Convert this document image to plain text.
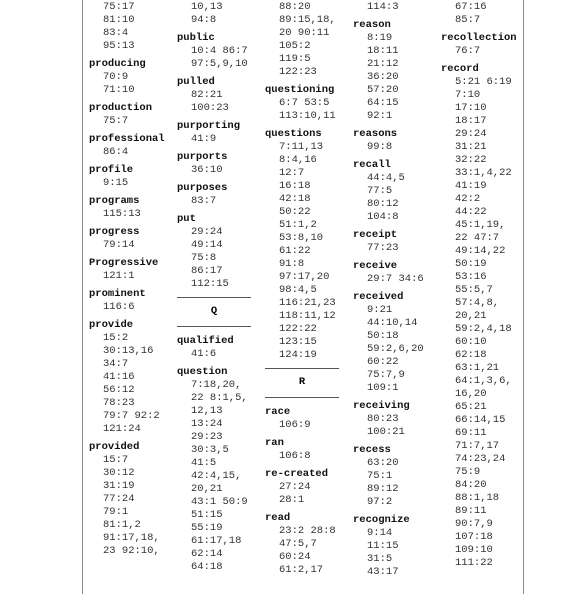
75:17
81:10
83:4
95:13
producing
70:9
71:10
production
75:7
professional
86:4
profile
9:15
programs
115:13
progress
79:14
Progressive
121:1
prominent
116:6
provide
15:2
30:13,16
34:7
41:16
56:12
78:23
79:7 92:2
121:24
provided
15:7
30:12
31:19
77:24
79:1
81:1,2
91:17,18,
23 92:10,

10,13
94:8
public
10:4 86:7
97:5,9,10
pulled
82:21
100:23
purporting
41:9
purports
36:10
purposes
83:7
put
29:24
49:14
75:8
86:17
112:15
Q
qualified
41:6
question
7:18,20,
22 8:1,5,
12,13
13:24
29:23
30:3,5
41:5
42:4,15,
20,21
43:1 50:9
51:15
55:19
61:17,18
62:14
64:18

88:20
89:15,18,
20 90:11
105:2
119:5
122:23
questioning
6:7 53:5
113:10,11
questions
7:11,13
8:4,16
12:7
16:18
42:18
50:22
51:1,2
53:8,10
61:22
91:8
97:17,20
98:4,5
116:21,23
118:11,12
122:22
123:15
124:19
R
race
106:9
ran
106:8
re-created
27:24
28:1
read
23:2 28:8
47:5,7
60:24
61:2,17

114:3
reason
8:19
18:11
21:12
36:20
57:20
64:15
92:1
reasons
99:8
recall
44:4,5
77:5
80:12
104:8
receipt
77:23
receive
29:7 34:6
received
9:21
44:10,14
50:18
59:2,6,20
60:22
75:7,9
109:1
receiving
80:23
100:21
recess
63:20
75:1
89:12
97:2
recognize
9:14
11:15
31:5
43:17

67:16
85:7
recollection
76:7
record
5:21 6:19
7:10
17:10
18:17
29:24
31:21
32:22
33:1,4,22
41:19
42:2
44:22
45:1,19,
22 47:7
49:14,22
50:19
53:16
55:5,7
57:4,8,
20,21
59:2,4,18
60:10
62:18
63:1,21
64:1,3,6,
16,20
65:21
66:14,15
69:11
71:7,17
74:23,24
75:9
84:20
88:1,18
89:11
90:7,9
107:18
109:10
111:22
